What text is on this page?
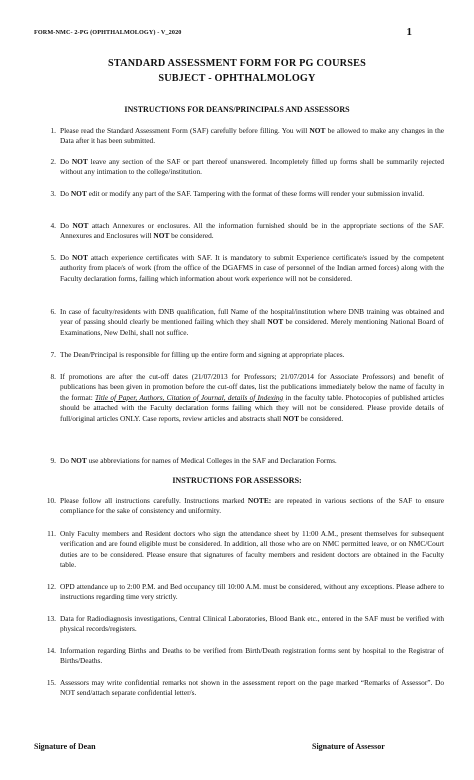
FORM-NMC- 2-PG (OPHTHALMOLOGY) - V_2020	1
STANDARD ASSESSMENT FORM FOR PG COURSES
SUBJECT - OPHTHALMOLOGY
INSTRUCTIONS FOR DEANS/PRINCIPALS AND ASSESSORS
1. Please read the Standard Assessment Form (SAF) carefully before filling. You will NOT be allowed to make any changes in the Data after it has been submitted.
2. Do NOT leave any section of the SAF or part thereof unanswered. Incompletely filled up forms shall be summarily rejected without any intimation to the college/institution.
3. Do NOT edit or modify any part of the SAF. Tampering with the format of these forms will render your submission invalid.
4. Do NOT attach Annexures or enclosures. All the information furnished should be in the appropriate sections of the SAF. Annexures and Enclosures will NOT be considered.
5. Do NOT attach experience certificates with SAF. It is mandatory to submit Experience certificate/s issued by the competent authority from place/s of work (from the office of the DGAFMS in case of personnel of the Indian armed forces) along with the Faculty declaration forms, failing which information about work experience will not be considered.
6. In case of faculty/residents with DNB qualification, full Name of the hospital/institution where DNB training was obtained and year of passing should clearly be mentioned failing which they shall NOT be considered. Merely mentioning National Board of Examinations, New Delhi, shall not suffice.
7. The Dean/Principal is responsible for filling up the entire form and signing at appropriate places.
8. If promotions are after the cut-off dates (21/07/2013 for Professors; 21/07/2014 for Associate Professors) and benefit of publications has been given in promotion before the cut-off dates, list the publications immediately below the name of faculty in the format: Title of Paper, Authors, Citation of Journal, details of Indexing in the faculty table. Photocopies of published articles should be attached with the Faculty declaration forms failing which they will not be considered. Please provide details of full/original articles ONLY. Case reports, review articles and abstracts shall NOT be considered.
9. Do NOT use abbreviations for names of Medical Colleges in the SAF and Declaration Forms.
INSTRUCTIONS FOR ASSESSORS:
10. Please follow all instructions carefully. Instructions marked NOTE: are repeated in various sections of the SAF to ensure compliance for the sake of consistency and uniformity.
11. Only Faculty members and Resident doctors who sign the attendance sheet by 11:00 A.M., present themselves for subsequent verification and are found eligible must be considered. In addition, all those who are on NMC permitted leave, or on NMC/Court duties are to be considered. Please ensure that signatures of faculty members and resident doctors are obtained in the Faculty table.
12. OPD attendance up to 2:00 P.M. and Bed occupancy till 10:00 A.M. must be considered, without any exceptions. Please adhere to instructions regarding time very strictly.
13. Data for Radiodiagnosis investigations, Central Clinical Laboratories, Blood Bank etc., entered in the SAF must be verified with physical records/registers.
14. Information regarding Births and Deaths to be verified from Birth/Death registration forms sent by hospital to the Registrar of Births/Deaths.
15. Assessors may write confidential remarks not shown in the assessment report on the page marked “Remarks of Assessor”. Do NOT send/attach separate confidential letter/s.
Signature of Dean	Signature of Assessor
